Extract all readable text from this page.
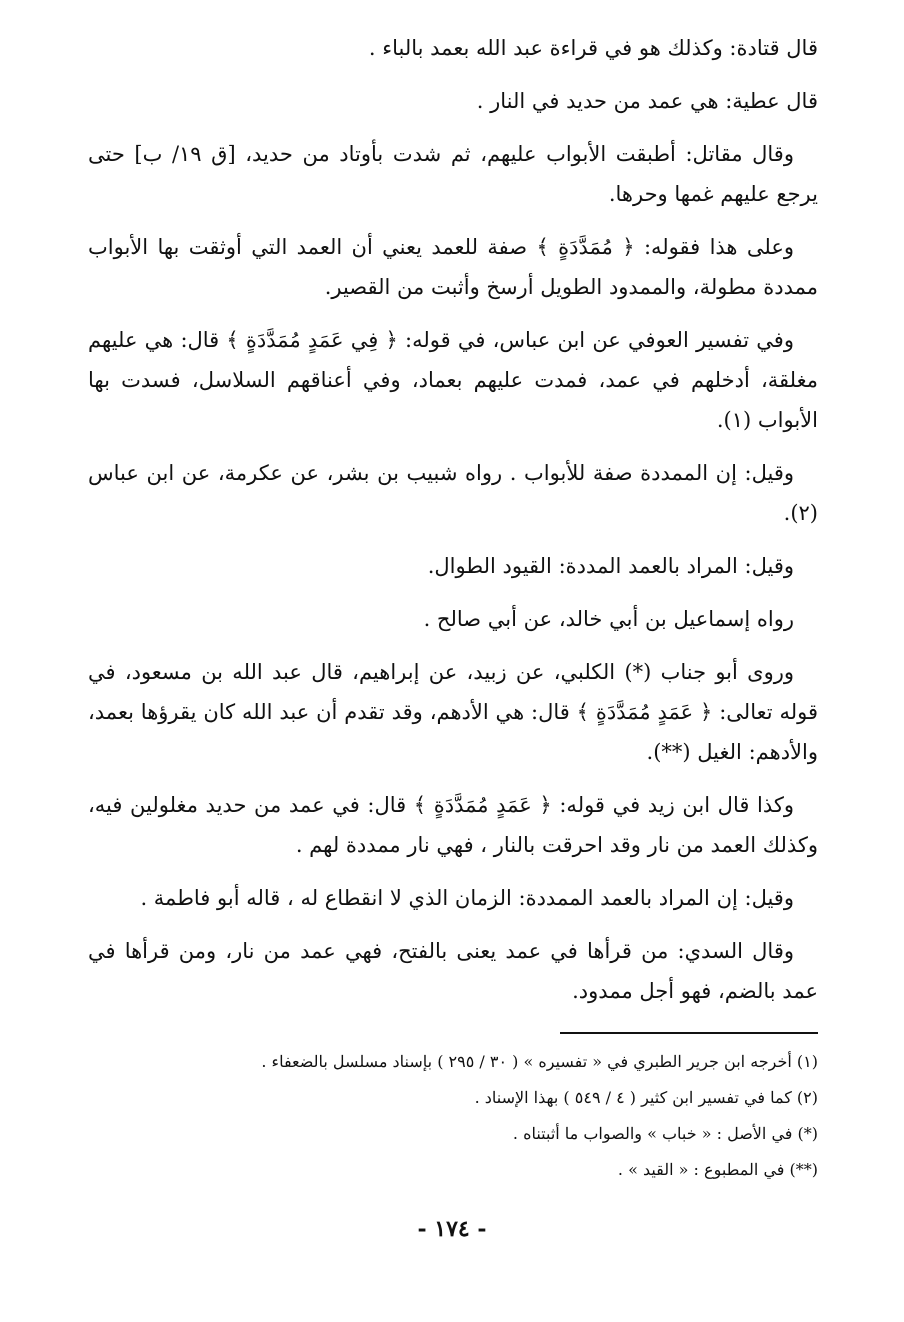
قال قتادة: وكذلك هو في قراءة عبد الله بعمد بالباء .

قال عطية: هي عمد من حديد في النار .

وقال مقاتل: أطبقت الأبواب عليهم، ثم شدت بأوتاد من حديد، [ق ١٩/ ب] حتى يرجع عليهم غمها وحرها.

وعلى هذا فقوله: ﴿ مُمَدَّدَةٍ ﴾ صفة للعمد يعني أن العمد التي أوثقت بها الأبواب ممددة مطولة، والممدود الطويل أرسخ وأثبت من القصير.

وفي تفسير العوفي عن ابن عباس، في قوله: ﴿ فِي عَمَدٍ مُمَدَّدَةٍ ﴾ قال: هي عليهم مغلقة، أدخلهم في عمد، فمدت عليهم بعماد، وفي أعناقهم السلاسل، فسدت بها الأبواب (١).

وقيل: إن الممددة صفة للأبواب . رواه شبيب بن بشر، عن عكرمة، عن ابن عباس (٢).

وقيل: المراد بالعمد المددة: القيود الطوال.

رواه إسماعيل بن أبي خالد، عن أبي صالح .

وروى أبو جناب (*) الكلبي، عن زبيد، عن إبراهيم، قال عبد الله بن مسعود، في قوله تعالى: ﴿ عَمَدٍ مُمَدَّدَةٍ ﴾ قال: هي الأدهم، وقد تقدم أن عبد الله كان يقرؤها بعمد، والأدهم: الغيل (**).

وكذا قال ابن زيد في قوله: ﴿ عَمَدٍ مُمَدَّدَةٍ ﴾ قال: في عمد من حديد مغلولين فيه، وكذلك العمد من نار وقد احرقت بالنار ، فهي نار ممددة لهم .

وقيل: إن المراد بالعمد الممددة: الزمان الذي لا انقطاع له ، قاله أبو فاطمة .

وقال السدي: من قرأها في عمد يعنى بالفتح، فهي عمد من نار، ومن قرأها في عمد بالضم، فهو أجل ممدود.

(١) أخرجه ابن جرير الطبري في « تفسيره » ( ٣٠ / ٢٩٥ ) بإسناد مسلسل بالضعفاء .

(٢) كما في تفسير ابن كثير ( ٤ / ٥٤٩ ) بهذا الإسناد .

(*) في الأصل : « خباب » والصواب ما أثبتناه .

(**) في المطبوع : « القيد » .

- ١٧٤ -
